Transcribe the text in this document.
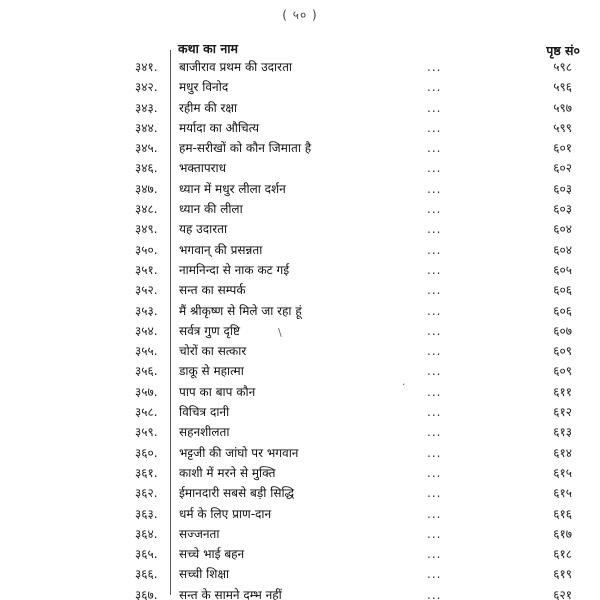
( ५० )
कथा का नाम	पृष्ठ सं०
३४१.	बाजीराव प्रथम की उदारता	...	५९८
३४२.	मधुर विनोद	...	५९६
३४३.	रहीम की रक्षा	...	५९७
३४४.	मर्यादा का औचित्य	...	५९९
३४५.	हम-सरीखों को कौन जिमाता है	...	६०१
३४६.	भक्तापराध	...	६०२
३४७.	ध्यान में मधुर लीला दर्शन	...	६०३
३४८.	ध्यान की लीला	...	६०३
३४९.	यह उदारता	...	६०४
३५०.	भगवान् की प्रसन्नता	...	६०४
३५१.	नामनिन्दा से नाक कट गई	...	६०५
३५२.	सन्त का सम्पर्क	...	६०६
३५३.	मैं श्रीकृष्ण से मिले जा रहा हूं	...	६०६
३५४.	सर्वत्र गुण दृष्टि	...	६०७
३५५.	चोरों का सत्कार	...	६०९
३५६.	डाकू से महात्मा	...	६०९
३५७.	पाप का बाप कौन	...	६११
३५८.	विचित्र दानी	...	६१२
३५९.	सहनशीलता	...	६१३
३६०.	भट्टजी की जांघो पर भगवान	...	६१४
३६१.	काशी में मरने से मुक्ति	...	६१५
३६२.	ईमानदारी सबसे बड़ी सिद्धि	...	६१५
३६३.	धर्म के लिए प्राण-दान	...	६१६
३६४.	सज्जनता	...	६१७
३६५.	सच्चे भाई बहन	...	६१८
३६६.	सच्ची शिक्षा	...	६१९
३६७.	सन्त के सामने दम्भ नहीं	...	६२१
\
·
